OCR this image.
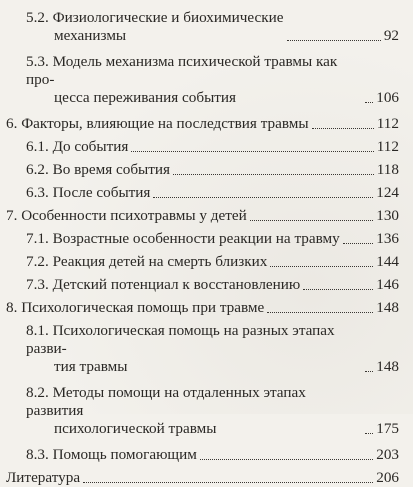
5.2. Физиологические и биохимические
механизмы	92
5.3. Модель механизма психической травмы как про-
цесса переживания события	106
6. Факторы, влияющие на последствия травмы	112
6.1. До события	112
6.2. Во время события	118
6.3. После события	124
7. Особенности психотравмы у детей	130
7.1. Возрастные особенности реакции на травму 136
7.2. Реакция детей на смерть близких	144
7.3. Детский потенциал к восстановлению	146
8. Психологическая помощь при травме	148
8.1. Психологическая помощь на разных этапах разви-
тия травмы	148
8.2. Методы помощи на отдаленных этапах развития
психологической травмы	175
8.3. Помощь помогающим	203
Литература	206
